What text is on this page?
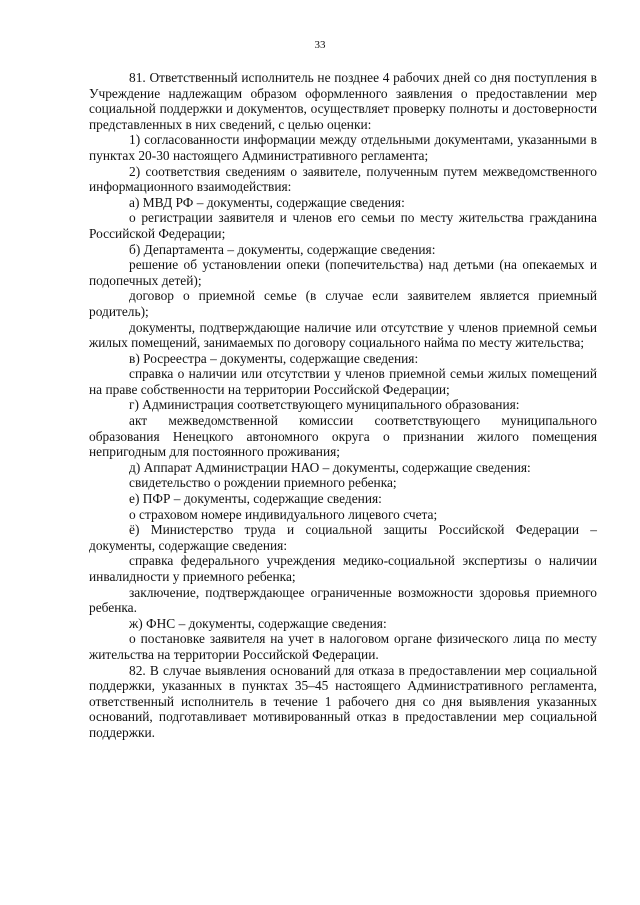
33

81. Ответственный исполнитель не позднее 4 рабочих дней со дня поступления в Учреждение надлежащим образом оформленного заявления о предоставлении мер социальной поддержки и документов, осуществляет проверку полноты и достоверности представленных в них сведений, с целью оценки:

1) согласованности информации между отдельными документами, указанными в пунктах 20-30 настоящего Административного регламента;

2) соответствия сведениям о заявителе, полученным путем межведомственного информационного взаимодействия:

а) МВД РФ – документы, содержащие сведения:

о регистрации заявителя и членов его семьи по месту жительства гражданина Российской Федерации;

б) Департамента – документы, содержащие сведения:

решение об установлении опеки (попечительства) над детьми (на опекаемых и подопечных детей);

договор о приемной семье (в случае если заявителем является приемный родитель);

документы, подтверждающие наличие или отсутствие у членов приемной семьи жилых помещений, занимаемых по договору социального найма по месту жительства;

в) Росреестра – документы, содержащие сведения:

справка о наличии или отсутствии у членов приемной семьи жилых помещений на праве собственности на территории Российской Федерации;

г) Администрация соответствующего муниципального образования:

акт межведомственной комиссии соответствующего муниципального образования Ненецкого автономного округа о признании жилого помещения непригодным для постоянного проживания;

д) Аппарат Администрации НАО – документы, содержащие сведения:

свидетельство о рождении приемного ребенка;

е) ПФР – документы, содержащие сведения:

о страховом номере индивидуального лицевого счета;

ё) Министерство труда и социальной защиты Российской Федерации – документы, содержащие сведения:

справка федерального учреждения медико-социальной экспертизы о наличии инвалидности у приемного ребенка;

заключение, подтверждающее ограниченные возможности здоровья приемного ребенка.

ж) ФНС – документы, содержащие сведения:

о постановке заявителя на учет в налоговом органе физического лица по месту жительства на территории Российской Федерации.

82. В случае выявления оснований для отказа в предоставлении мер социальной поддержки, указанных в пунктах 35–45 настоящего Административного регламента, ответственный исполнитель в течение 1 рабочего дня со дня выявления указанных оснований, подготавливает мотивированный отказ в предоставлении мер социальной поддержки.
